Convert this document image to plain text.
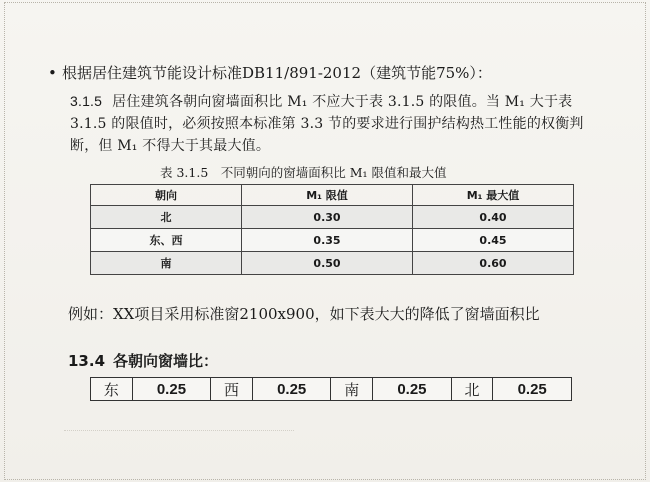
• 根据居住建筑节能设计标准DB11/891-2012（建筑节能75%）：
3.1.5 居住建筑各朝向窗墙面积比 M₁ 不应大于表 3.1.5 的限值。当 M₁ 大于表 3.1.5 的限值时，必须按照本标准第 3.3 节的要求进行围护结构热工性能的权衡判断，但 M₁ 不得大于其最大值。
表 3.1.5　不同朝向的窗墙面积比 M₁ 限值和最大值
朝向	M₁ 限值	M₁ 最大值
北	0.30	0.40
东、西	0.35	0.45
南	0.50	0.60
例如：XX项目采用标准窗2100x900，如下表大大的降低了窗墙面积比
13.4 各朝向窗墙比：
东	0.25	西	0.25	南	0.25	北	0.25
